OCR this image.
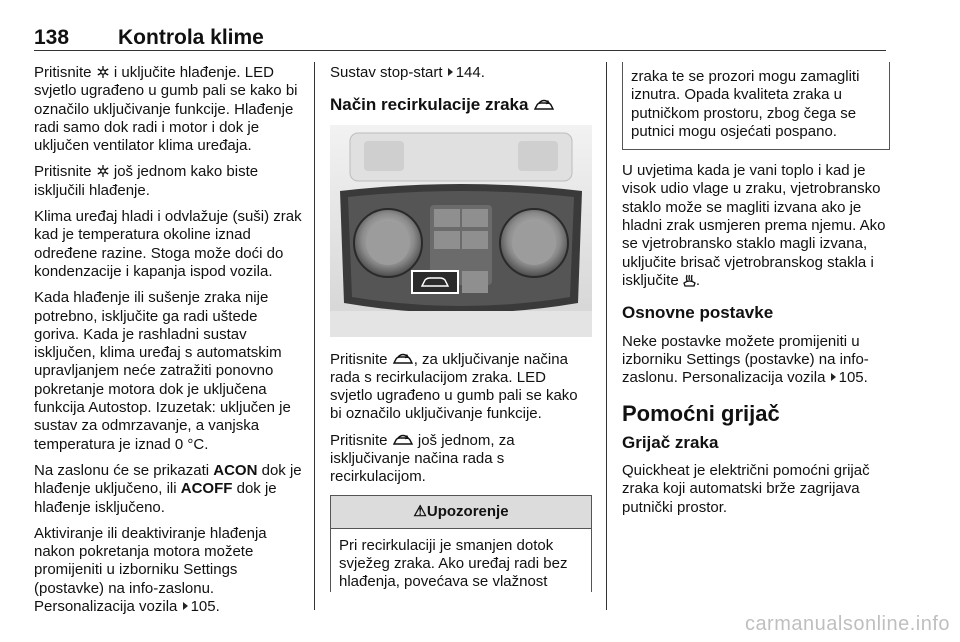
138 Kontrola klime

Pritisnite  i uključite hlađenje. LED svjetlo ugrađeno u gumb pali se kako bi označilo uključivanje funkcije. Hlađenje radi samo dok radi i motor i dok je uključen ventilator klima uređaja.

Pritisnite  još jednom kako biste isključili hlađenje.

Klima uređaj hladi i odvlažuje (suši) zrak kad je temperatura okoline iznad određene razine. Stoga može doći do kondenzacije i kapanja ispod vozila.

Kada hlađenje ili sušenje zraka nije potrebno, isključite ga radi uštede goriva. Kada je rashladni sustav isključen, klima uređaj s automatskim upravljanjem neće zatražiti ponovno pokretanje motora dok je uključena funkcija Autostop. Izuzetak: uključen je sustav za odmrzavanje, a vanjska temperatura je iznad 0 °C.

Na zaslonu će se prikazati ACON dok je hlađenje uključeno, ili ACOFF dok je hlađenje isključeno.

Aktiviranje ili deaktiviranje hlađenja nakon pokretanja motora možete promijeniti u izborniku Settings (postavke) na info-zaslonu. Personalizacija vozila 105.

Sustav stop-start 144.

Način recirkulacije zraka

Pritisnite , za uključivanje načina rada s recirkulacijom zraka. LED svjetlo ugrađeno u gumb pali se kako bi označilo uključivanje funkcije.

Pritisnite  još jednom, za isključivanje načina rada s recirkulacijom.

⚠Upozorenje
Pri recirkulaciji je smanjen dotok svježeg zraka. Ako uređaj radi bez hlađenja, povećava se vlažnost
zraka te se prozori mogu zamagliti iznutra. Opada kvaliteta zraka u putničkom prostoru, zbog čega se putnici mogu osjećati pospano.

U uvjetima kada je vani toplo i kad je visok udio vlage u zraku, vjetrobransko staklo može se magliti izvana ako je hladni zrak usmjeren prema njemu. Ako se vjetrobransko staklo magli izvana, uključite brisač vjetrobranskog stakla i isključite .

Osnovne postavke

Neke postavke možete promijeniti u izborniku Settings (postavke) na info-zaslonu. Personalizacija vozila 105.

Pomoćni grijač
Grijač zraka

Quickheat je električni pomoćni grijač zraka koji automatski brže zagrijava putnički prostor.

carmanualsonline.info
